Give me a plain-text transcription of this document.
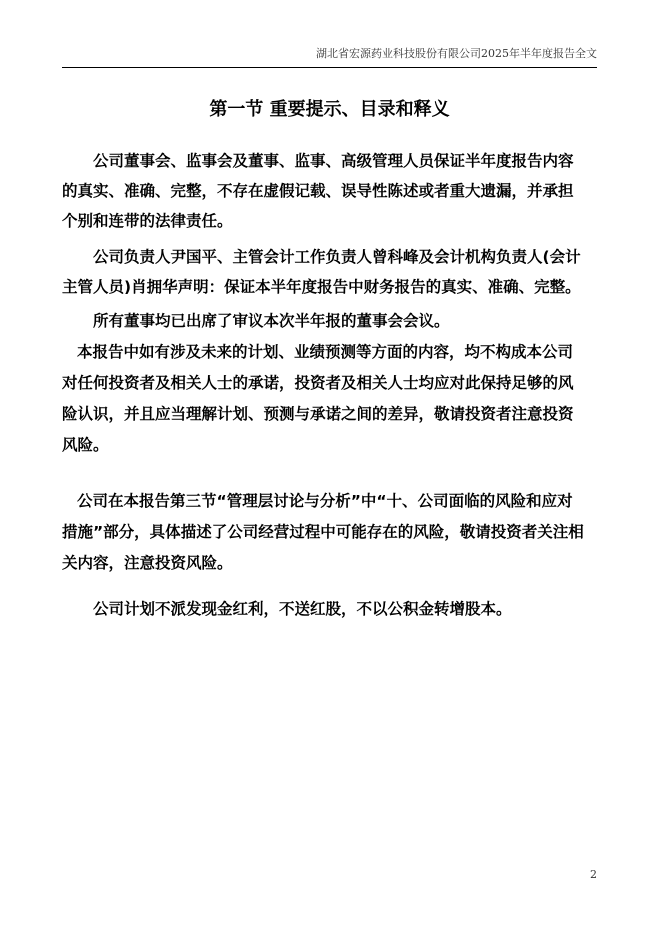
湖北省宏源药业科技股份有限公司2025年半年度报告全文
第一节 重要提示、目录和释义

公司董事会、监事会及董事、监事、高级管理人员保证半年度报告内容的真实、准确、完整，不存在虚假记载、误导性陈述或者重大遗漏，并承担个别和连带的法律责任。

公司负责人尹国平、主管会计工作负责人曾科峰及会计机构负责人(会计主管人员)肖拥华声明：保证本半年度报告中财务报告的真实、准确、完整。

所有董事均已出席了审议本次半年报的董事会会议。

本报告中如有涉及未来的计划、业绩预测等方面的内容，均不构成本公司对任何投资者及相关人士的承诺，投资者及相关人士均应对此保持足够的风险认识，并且应当理解计划、预测与承诺之间的差异，敬请投资者注意投资风险。

公司在本报告第三节“管理层讨论与分析”中“十、公司面临的风险和应对措施”部分，具体描述了公司经营过程中可能存在的风险，敬请投资者关注相关内容，注意投资风险。

公司计划不派发现金红利，不送红股，不以公积金转增股本。

2
